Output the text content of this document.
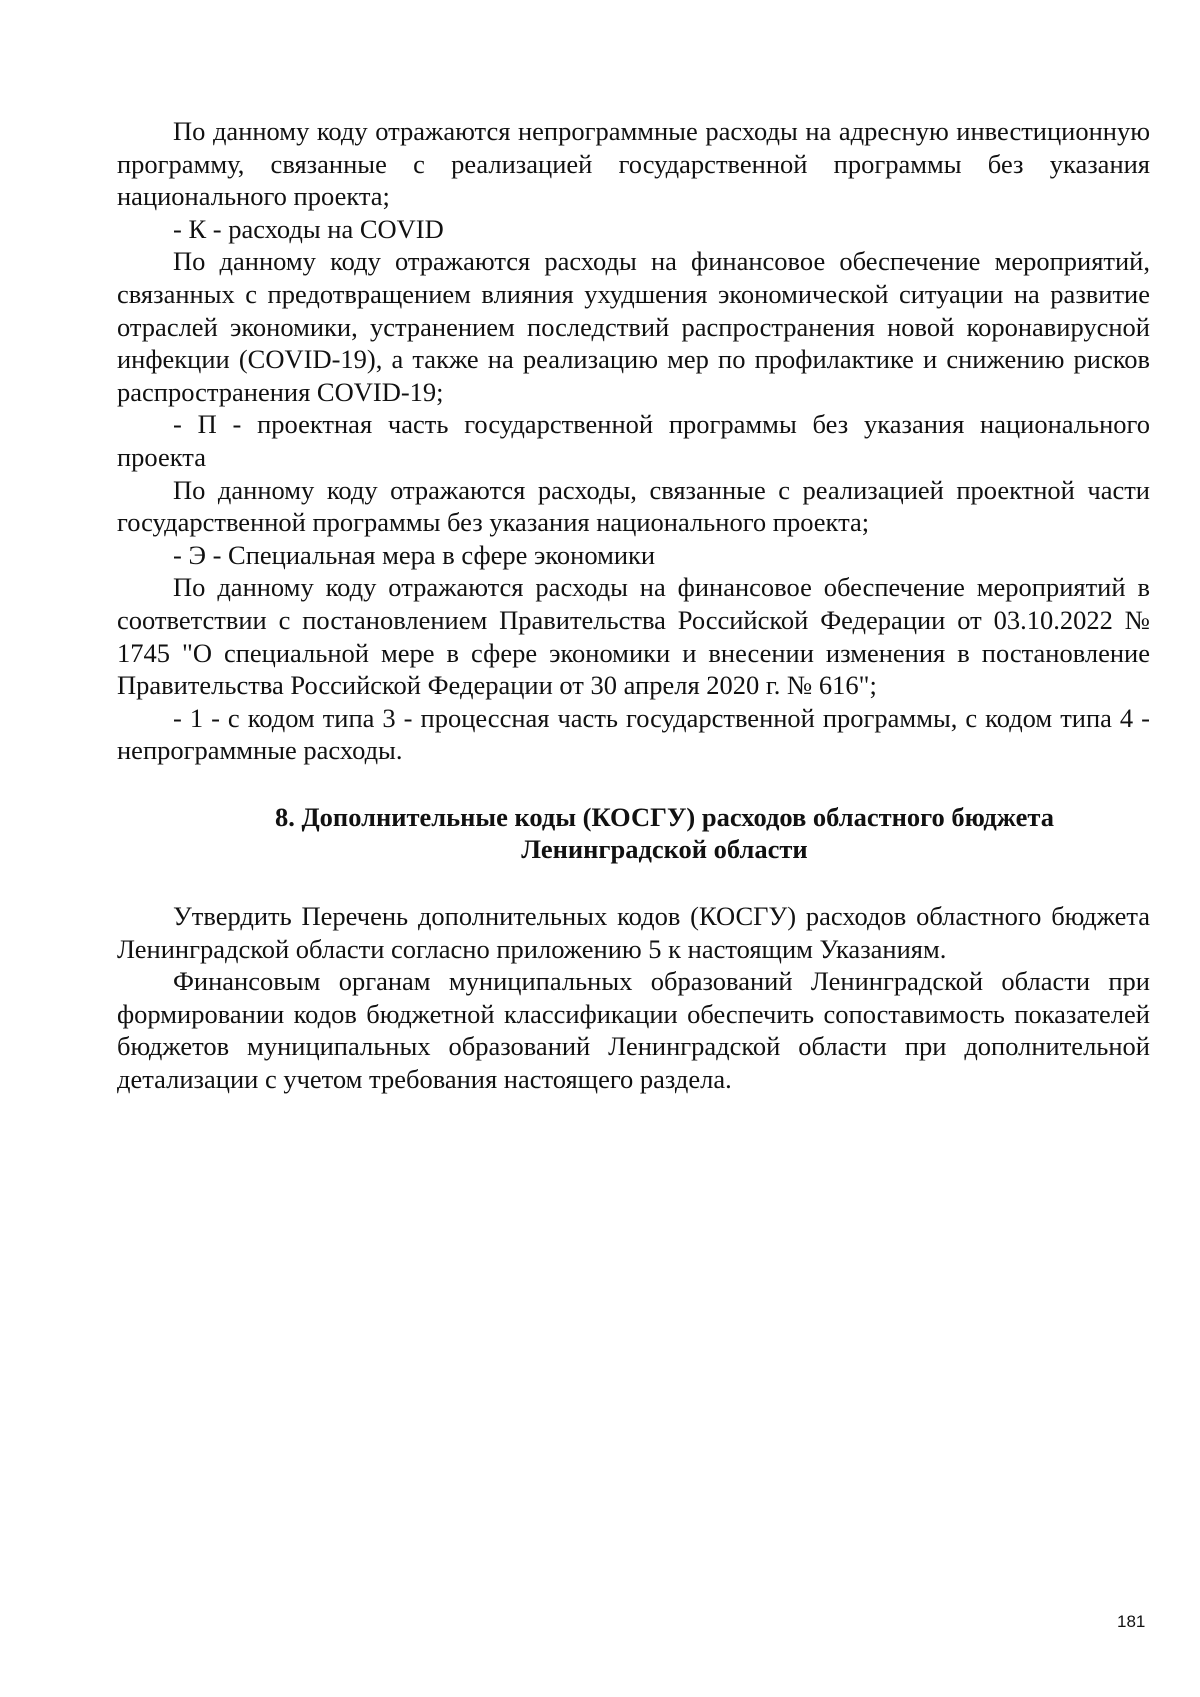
По данному коду отражаются непрограммные расходы на адресную инвестиционную программу, связанные с реализацией государственной программы без указания национального проекта;

- К - расходы на COVID

По данному коду отражаются расходы на финансовое обеспечение мероприятий, связанных с предотвращением влияния ухудшения экономической ситуации на развитие отраслей экономики, устранением последствий распространения новой коронавирусной инфекции (COVID-19), а также на реализацию мер по профилактике и снижению рисков распространения COVID-19;

- П - проектная часть государственной программы без указания национального проекта

По данному коду отражаются расходы, связанные с реализацией проектной части государственной программы без указания национального проекта;

- Э - Специальная мера в сфере экономики

По данному коду отражаются расходы на финансовое обеспечение мероприятий в соответствии с постановлением Правительства Российской Федерации от 03.10.2022 № 1745 "О специальной мере в сфере экономики и внесении изменения в постановление Правительства Российской Федерации от 30 апреля 2020 г. № 616";

- 1 - с кодом типа 3 - процессная часть государственной программы, с кодом типа 4 - непрограммные расходы.

8. Дополнительные коды (КОСГУ) расходов областного бюджета
Ленинградской области

Утвердить Перечень дополнительных кодов (КОСГУ) расходов областного бюджета Ленинградской области согласно приложению 5 к настоящим Указаниям.

Финансовым органам муниципальных образований Ленинградской области при формировании кодов бюджетной классификации обеспечить сопоставимость показателей бюджетов муниципальных образований Ленинградской области при дополнительной детализации с учетом требования настоящего раздела.

181
